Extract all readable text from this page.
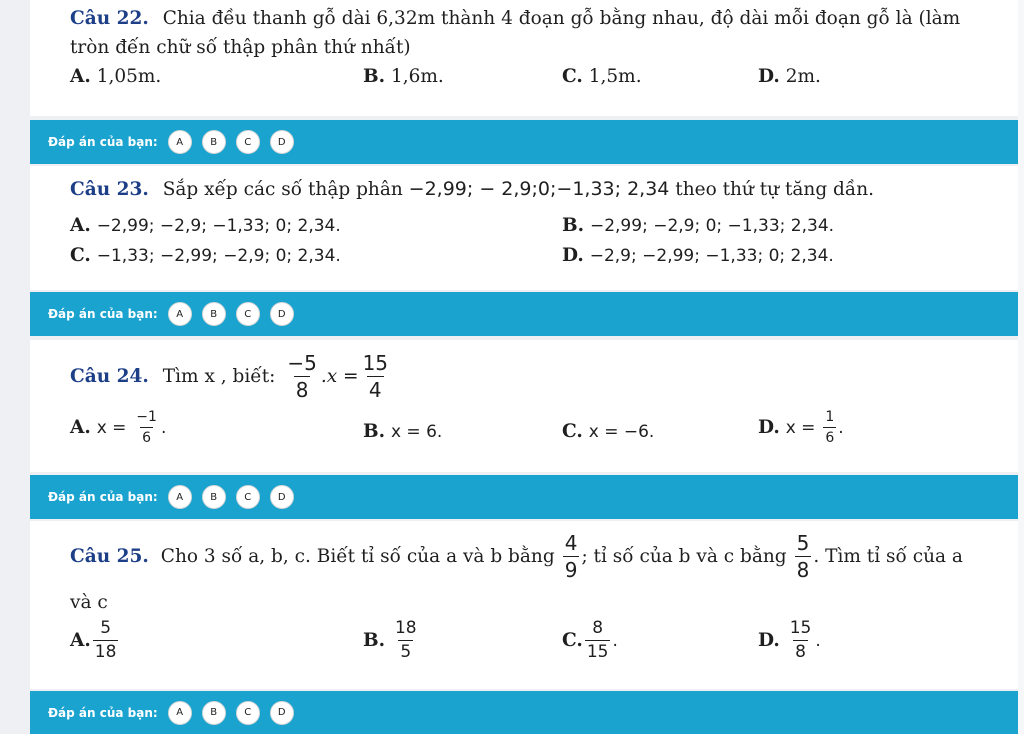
Câu 22. Chia đều thanh gỗ dài 6,32m thành 4 đoạn gỗ bằng nhau, độ dài mỗi đoạn gỗ là (làm
tròn đến chữ số thập phân thứ nhất)
A. 1,05m.	B. 1,6m.	C. 1,5m.	D. 2m.
Đáp án của bạn:	A	B	C	D
Câu 23. Sắp xếp các số thập phân −2,99; − 2,9;0;−1,33; 2,34 theo thứ tự tăng dần.
A. −2,99; −2,9; −1,33; 0; 2,34.	B. −2,99; −2,9; 0; −1,33; 2,34.
C. −1,33; −2,99; −2,9; 0; 2,34.	D. −2,9; −2,99; −1,33; 0; 2,34.
Đáp án của bạn:	A	B	C	D
Câu 24. Tìm x , biết: $\frac{-5}{8} .x = \frac{15}{4}$
A.
x =
$\frac{-1}{6}$ .	B. x = 6.	C. x = −6.	D.
x =
$\frac{1}{6}$ .
Đáp án của bạn:	A	B	C	D
Câu 25. Cho 3 số a, b, c. Biết tỉ số của a và b bằng $\frac{4}{9}$ ; tỉ số của b và c bằng $\frac{5}{8}$ . Tìm tỉ số của a
và c
A. $\frac{5}{18}$	B.
$\frac{18}{5}$	C. $\frac{8}{15}$ .	D.
$\frac{15}{8}$ .
Đáp án của bạn:	A	B	C	D
